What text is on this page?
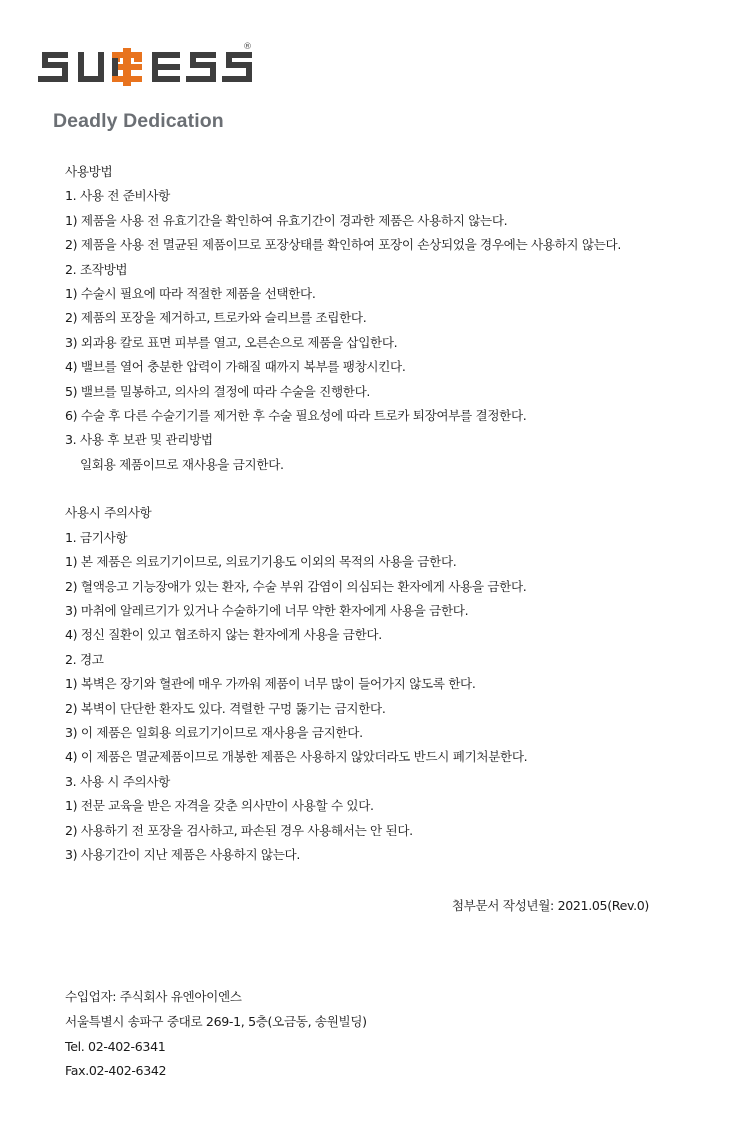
®
Deadly Dedication
사용방법
1. 사용 전 준비사항
1) 제품을 사용 전 유효기간을 확인하여 유효기간이 경과한 제품은 사용하지 않는다.
2) 제품을 사용 전 멸균된 제품이므로 포장상태를 확인하여 포장이 손상되었을 경우에는 사용하지 않는다.
2. 조작방법
1) 수술시 필요에 따라 적절한 제품을 선택한다.
2) 제품의 포장을 제거하고, 트로카와 슬리브를 조립한다.
3) 외과용 칼로 표면 피부를 열고, 오른손으로 제품을 삽입한다.
4) 밸브를 열어 충분한 압력이 가해질 때까지 복부를 팽창시킨다.
5) 밸브를 밀봉하고, 의사의 결정에 따라 수술을 진행한다.
6) 수술 후 다른 수술기기를 제거한 후 수술 필요성에 따라 트로카 퇴장여부를 결정한다.
3. 사용 후 보관 및 관리방법
일회용 제품이므로 재사용을 금지한다.
사용시 주의사항
1. 금기사항
1) 본 제품은 의료기기이므로, 의료기기용도 이외의 목적의 사용을 금한다.
2) 혈액응고 기능장애가 있는 환자, 수술 부위 감염이 의심되는 환자에게 사용을 금한다.
3) 마취에 알레르기가 있거나 수술하기에 너무 약한 환자에게 사용을 금한다.
4) 정신 질환이 있고 협조하지 않는 환자에게 사용을 금한다.
2. 경고
1) 복벽은 장기와 혈관에 매우 가까워 제품이 너무 많이 들어가지 않도록 한다.
2) 복벽이 단단한 환자도 있다. 격렬한 구멍 뚫기는 금지한다.
3) 이 제품은 일회용 의료기기이므로 재사용을 금지한다.
4) 이 제품은 멸균제품이므로 개봉한 제품은 사용하지 않았더라도 반드시 폐기처분한다.
3. 사용 시 주의사항
1) 전문 교육을 받은 자격을 갖춘 의사만이 사용할 수 있다.
2) 사용하기 전 포장을 검사하고, 파손된 경우 사용해서는 안 된다.
3) 사용기간이 지난 제품은 사용하지 않는다.
첨부문서 작성년월: 2021.05(Rev.0)
수입업자: 주식회사 유엔아이엔스
서울특별시 송파구 중대로 269-1, 5층(오금동, 송원빌딩)
Tel. 02-402-6341
Fax.02-402-6342
